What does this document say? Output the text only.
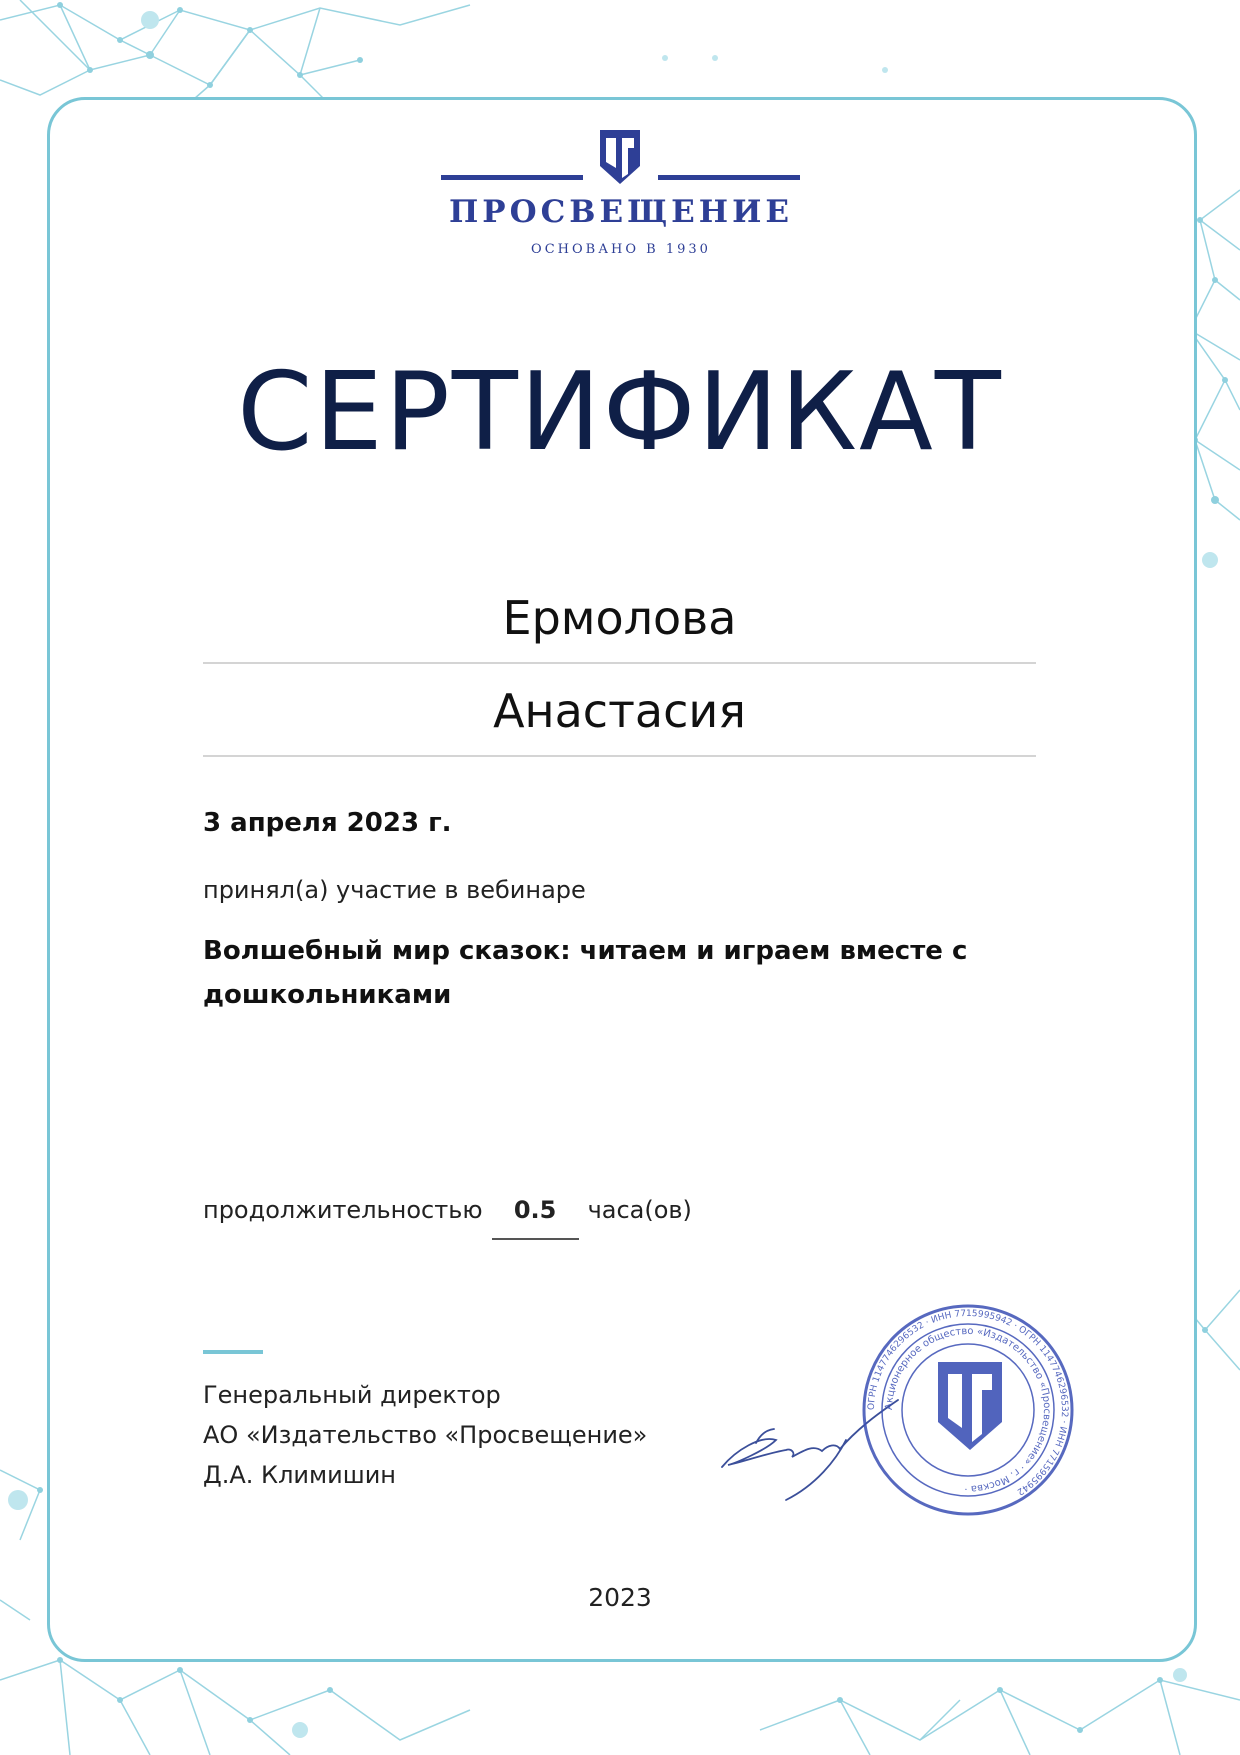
ИП
ПРОСВЕЩЕНИЕ
ОСНОВАНО В 1930
СЕРТИФИКАТ
Ермолова
Анастасия
3 апреля 2023 г.
принял(а) участие в вебинаре
Волшебный мир сказок: читаем и играем вместе с дошкольниками
продолжительностью	0.5	часа(ов)
Генеральный директор
АО «Издательство «Просвещение»
Д.А. Климишин
ОГРН 1147746296532 · ИНН 7715995942 · ОГРН 1147746296532 · ИНН 7715995942
Акционерное общество «Издательство «Просвещение» · г. Москва ·
ИП
2023
